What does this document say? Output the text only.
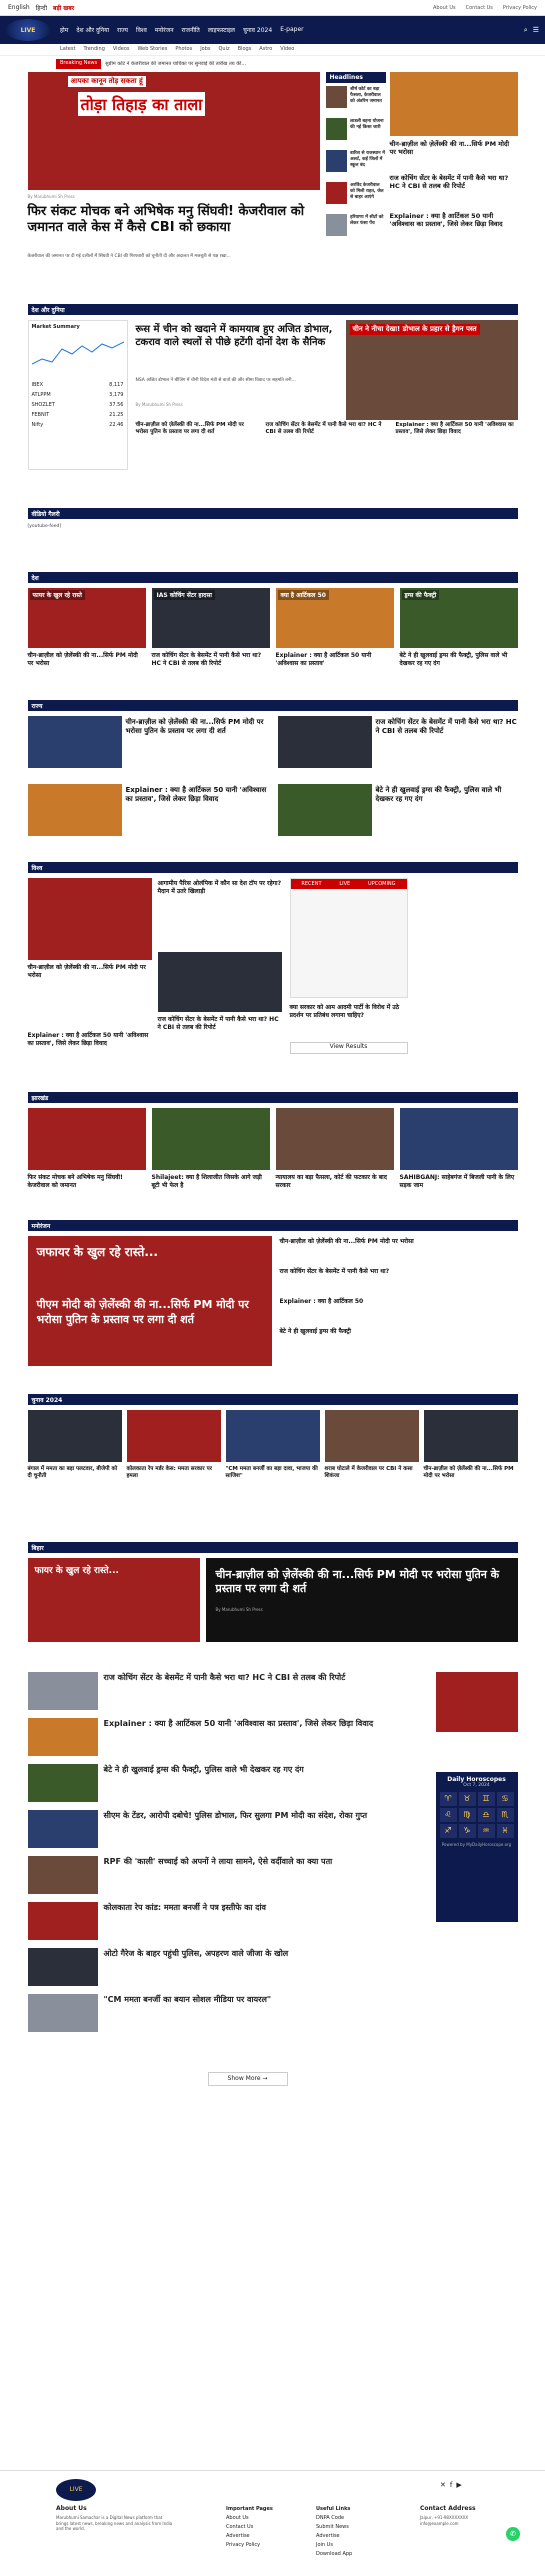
English हिन्दी बड़ी खबर	About Us Contact Us Privacy Policy
LIVE	होम देश और दुनिया राज्य विश्व मनोरंजन राजनीति लाइफस्टाइल चुनाव 2024 E-paper	⌕ ☰
Latest Trending Videos Web Stories Photos Jobs Quiz Blogs Astro Video
Breaking News	सुप्रीम कोर्ट ने केजरीवाल की जमानत याचिका पर सुनवाई की तारीख तय की...
आपका कानून तोड़ सकता हूं
तोड़ा तिहाड़ का ताला
By Marubhumi Sh Press
फिर संकट मोचक बने अभिषेक मनु सिंघवी! केजरीवाल को जमानत वाले केस में कैसे CBI को छकाया
केजरीवाल की जमानत पर दी गई दलीलों में सिंघवी ने CBI की गिरफ्तारी को चुनौती दी और अदालत में मजबूती से पक्ष रखा...
Headlines
शीर्ष कोर्ट का बड़ा फैसला, केजरीवाल को अंतरिम जमानत
लाडली बहना योजना की नई किस्त जारी
बारिश से राजस्थान में अलर्ट, कई जिलों में स्कूल बंद
अरविंद केजरीवाल को मिली राहत, जेल से बाहर आएंगे
हरियाणा में सीटों को लेकर फंसा पेंच
चीन-ब्राज़ील को ज़ेलेंस्की की ना...सिर्फ PM मोदी पर भरोसा
राज कोचिंग सेंटर के बेसमेंट में पानी कैसे भरा था? HC ने CBI से तलब की रिपोर्ट
Explainer : क्या है आर्टिकल 50 यानी 'अविश्वास का प्रस्ताव', जिसे लेकर छिड़ा विवाद
देश और दुनिया
Market Summary
IBEX	8,117
ATLPPM	3,179
SHOZLET	37.56
FEBNIT	21.25
Nifty	22.46
रूस में चीन को खदाने में कामयाब हुए अजित डोभाल, टकराव वाले स्थलों से पीछे हटेंगी दोनों देश के सैनिक
NSA अजित डोभाल ने बीजिंग में चीनी विदेश मंत्री से वार्ता की और सीमा विवाद पर सहमति बनी...
By Marubhumi Sh Press
चीन ने नीचा देखा! डोभाल के प्रहार से ड्रैगन पस्त
चीन-ब्राज़ील को ज़ेलेंस्की की ना...सिर्फ PM मोदी पर भरोसा पुतिन के प्रस्ताव पर लगा दी शर्त
राज कोचिंग सेंटर के बेसमेंट में पानी कैसे भरा था? HC ने CBI से तलब की रिपोर्ट
Explainer : क्या है आर्टिकल 50 यानी 'अविश्वास का प्रस्ताव', जिसे लेकर छिड़ा विवाद
वीडियो गैलरी
[youtube-feed]
देश
फायर के खुल रहे रास्ते	IAS कोचिंग सेंटर हादसा	क्या है आर्टिकल 50	ड्रग्स की फैक्ट्री
चीन-ब्राज़ील को ज़ेलेंस्की की ना...सिर्फ PM मोदी पर भरोसा
राज कोचिंग सेंटर के बेसमेंट में पानी कैसे भरा था? HC ने CBI से तलब की रिपोर्ट
Explainer : क्या है आर्टिकल 50 यानी 'अविश्वास का प्रस्ताव'
बेटे ने ही खुलवाई ड्रग्स की फैक्ट्री, पुलिस वाले भी देखकर रह गए दंग
राज्य
चीन-ब्राज़ील को ज़ेलेंस्की की ना...सिर्फ PM मोदी पर भरोसा पुतिन के प्रस्ताव पर लगा दी शर्त
राज कोचिंग सेंटर के बेसमेंट में पानी कैसे भरा था? HC ने CBI से तलब की रिपोर्ट
Explainer : क्या है आर्टिकल 50 यानी 'अविश्वास का प्रस्ताव', जिसे लेकर छिड़ा विवाद
बेटे ने ही खुलवाई ड्रग्स की फैक्ट्री, पुलिस वाले भी देखकर रह गए दंग
विश्व
चीन-ब्राज़ील को ज़ेलेंस्की की ना...सिर्फ PM मोदी पर भरोसा
आगामीय पैरिस ओलंपिक में कौन सा देश टॉप पर रहेगा? मैदान में उतरे खिलाड़ी
राज कोचिंग सेंटर के बेसमेंट में पानी कैसे भरा था? HC ने CBI से तलब की रिपोर्ट
Explainer : क्या है आर्टिकल 50 यानी 'अविश्वास का प्रस्ताव', जिसे लेकर छिड़ा विवाद
RECENT	LIVE	UPCOMING
क्या सरकार को आम आदमी पार्टी के विरोध में उठे प्रदर्शन पर प्रतिबंध लगाना चाहिए?
View Results
झारखंड
फिर संकट मोचक बने अभिषेक मनु सिंघवी! केजरीवाल को जमानत
Shilajeet: क्या है शिलाजीत जिसके आगे जड़ी बूटी भी फेल है
न्यायालय का बड़ा फैसला, कोर्ट की फटकार के बाद सरकार
SAHIBGANJ: साहेबगंज में बिजली पानी के लिए सड़क जाम
मनोरंजन
जफायर के खुल रहे रास्ते...
पीएम मोदी को ज़ेलेंस्की की ना...सिर्फ PM मोदी पर भरोसा पुतिन के प्रस्ताव पर लगा दी शर्त
चीन-ब्राज़ील को ज़ेलेंस्की की ना...सिर्फ PM मोदी पर भरोसा
राज कोचिंग सेंटर के बेसमेंट में पानी कैसे भरा था?
Explainer : क्या है आर्टिकल 50
बेटे ने ही खुलवाई ड्रग्स की फैक्ट्री
चुनाव 2024
बंगाल में ममता का बड़ा पलटवार, बीजेपी को दी चुनौती
कोलकाता रेप मर्डर केस: ममता सरकार पर हमला
"CM ममता बनर्जी का बड़ा दावा, भाजपा की साजिश"
शराब घोटाले में केजरीवाल पर CBI ने कसा शिकंजा
चीन-ब्राज़ील को ज़ेलेंस्की की ना...सिर्फ PM मोदी पर भरोसा
बिहार
फायर के खुल रहे रास्ते...	चीन-ब्राज़ील को ज़ेलेंस्की की ना...सिर्फ PM मोदी पर भरोसा पुतिन के प्रस्ताव पर लगा दी शर्त
By Marubhumi Sh Press
राज कोचिंग सेंटर के बेसमेंट में पानी कैसे भरा था? HC ने CBI से तलब की रिपोर्ट
Explainer : क्या है आर्टिकल 50 यानी 'अविश्वास का प्रस्ताव', जिसे लेकर छिड़ा विवाद
बेटे ने ही खुलवाई ड्रग्स की फैक्ट्री, पुलिस वाले भी देखकर रह गए दंग
सीएम के टेंडर, आरोपी दबोचे! पुलिस डोभाल, फिर सुलगा PM मोदी का संदेश, रोका गुप्त
RPF की 'काली' सच्चाई को अपनों ने लाया सामने, ऐसे वर्दीवाले का क्या पता
कोलकाता रेप कांड: ममता बनर्जी ने पत्र इस्तीफे का दांव
ओटो गैरेज के बाहर पहुंची पुलिस, अपहरण वाले जीजा के खोल
"CM ममता बनर्जी का बयान सोशल मीडिया पर वायरल"
Show More →
Daily Horoscopes
Oct 7, 2024
♈	♉	♊	♋
♌	♍	♎	♏
♐	♑	♒	♓
Powered by MyDailyHoroscope.org
LIVE
About Us
Marubhumi Samachar is a Digital News platform that brings latest news, breaking news and analysis from India and the world.
Important Pages
About Us
Contact Us
Advertise
Privacy Policy
Useful Links
DNPA Code
Submit News
Advertise
Join Us
Download App
✕ f ▶
Contact Address
Jaipur, +91-98XXXXXXX info@example.com
✆
